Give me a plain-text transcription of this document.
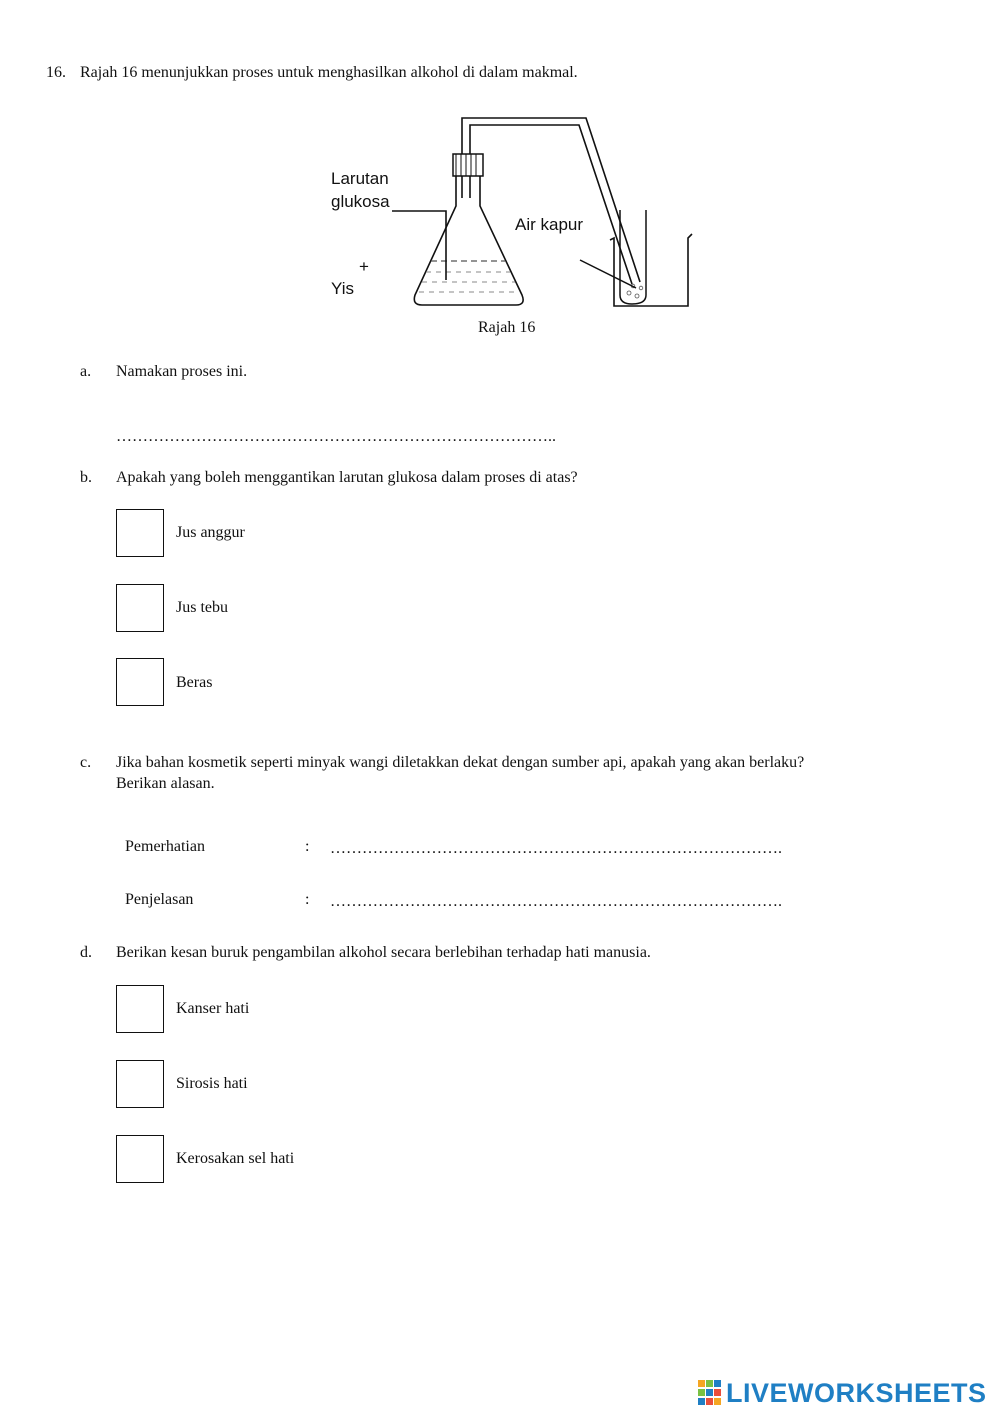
16. Rajah 16 menunjukkan proses untuk menghasilkan alkohol di dalam makmal.
Larutan
glukosa
+
Yis
Air kapur
Rajah 16
a. Namakan proses ini.
………………………………………………………………………..
b. Apakah yang boleh menggantikan larutan glukosa dalam proses di atas?
Jus anggur
Jus tebu
Beras
c. Jika bahan kosmetik seperti minyak wangi diletakkan dekat dengan sumber api, apakah yang akan berlaku?
Berikan alasan.
Pemerhatian	: ………………………………………………………………………….
Penjelasan	: ………………………………………………………………………….
d. Berikan kesan buruk pengambilan alkohol secara berlebihan terhadap hati manusia.
Kanser hati
Sirosis hati
Kerosakan sel hati
LIVEWORKSHEETS
